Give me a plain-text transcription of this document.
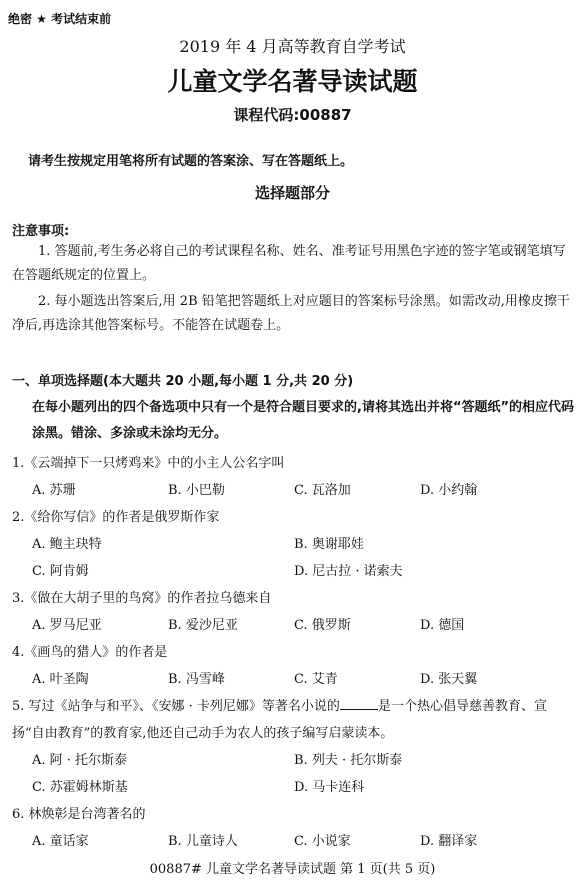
绝密 ★ 考试结束前
2019 年 4 月高等教育自学考试
儿童文学名著导读试题
课程代码:00887
请考生按规定用笔将所有试题的答案涂、写在答题纸上。
选择题部分
注意事项:
1. 答题前,考生务必将自己的考试课程名称、姓名、准考证号用黑色字迹的签字笔或钢笔填写在答题纸规定的位置上。
2. 每小题选出答案后,用 2B 铅笔把答题纸上对应题目的答案标号涂黑。如需改动,用橡皮擦干净后,再选涂其他答案标号。不能答在试题卷上。
一、单项选择题(本大题共 20 小题,每小题 1 分,共 20 分)
在每小题列出的四个备选项中只有一个是符合题目要求的,请将其选出并将“答题纸”的相应代码涂黑。错涂、多涂或未涂均无分。
1.《云端掉下一只烤鸡来》中的小主人公名字叫
A. 苏珊	B. 小巴勒	C. 瓦洛加	D. 小约翰
2.《给你写信》的作者是俄罗斯作家
A. 鲍主玦特	B. 奥谢耶娃
C. 阿肯姆	D. 尼古拉 · 诺索夫
3.《做在大胡子里的鸟窝》的作者拉乌德来自
A. 罗马尼亚	B. 爱沙尼亚	C. 俄罗斯	D. 德国
4.《画鸟的猎人》的作者是
A. 叶圣陶	B. 冯雪峰	C. 艾青	D. 张天翼
5. 写过《站争与和平》、《安娜 · 卡列尼娜》等著名小说的	是一个热心倡导慈善教育、宣
扬“自由教育”的教育家,他还自己动手为农人的孩子编写启蒙读本。
A. 阿 · 托尔斯泰	B. 列夫 · 托尔斯泰
C. 苏霍姆林斯基	D. 马卡连科
6. 林焕彰是台湾著名的
A. 童话家	B. 儿童诗人	C. 小说家	D. 翻译家
00887# 儿童文学名著导读试题 第 1 页(共 5 页)
